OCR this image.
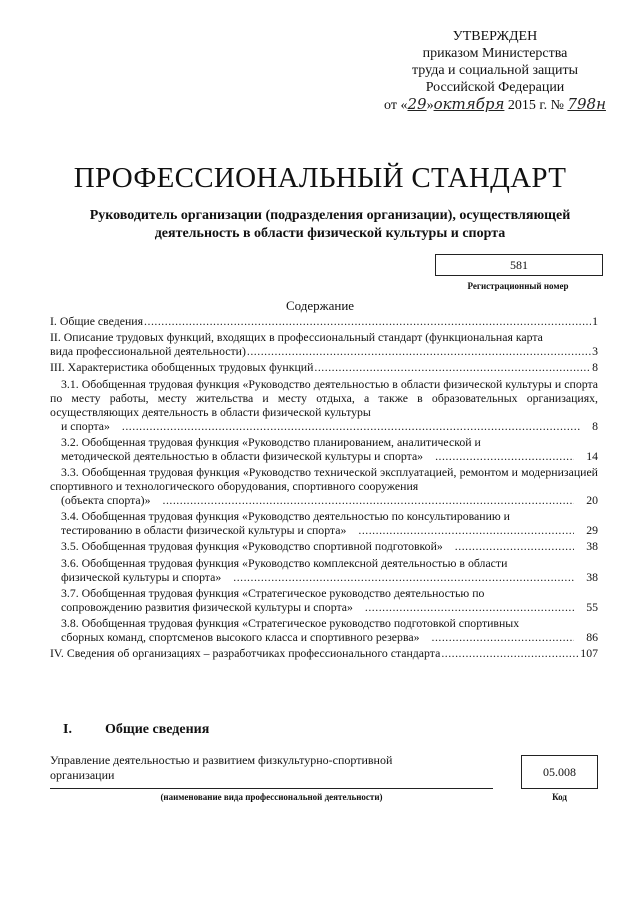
УТВЕРЖДЕН
приказом Министерства
труда и социальной защиты
Российской Федерации
от «29»октября 2015 г. № 798н
ПРОФЕССИОНАЛЬНЫЙ СТАНДАРТ
Руководитель организации (подразделения организации), осуществляющей деятельность в области физической культуры и спорта
581
Регистрационный номер
Содержание
I. Общие сведения .....	1
II. Описание трудовых функций, входящих в профессиональный стандарт (функциональная карта
вида профессиональной деятельности) .....	3
III. Характеристика обобщенных трудовых функций .....	8
3.1. Обобщенная трудовая функция «Руководство деятельностью в области физической культуры и спорта по месту работы, месту жительства и месту отдыха, а также в образовательных организациях, осуществляющих деятельность в области физической культуры
и спорта» .....	8
3.2. Обобщенная трудовая функция «Руководство планированием, аналитической и
методической деятельностью в области физической культуры и спорта» .....	14
3.3. Обобщенная трудовая функция «Руководство технической эксплуатацией, ремонтом и модернизацией спортивного и технологического оборудования, спортивного сооружения
(объекта спорта)» .....	20
3.4. Обобщенная трудовая функция «Руководство деятельностью по консультированию и
тестированию в области физической культуры и спорта» .....	29
3.5. Обобщенная трудовая функция «Руководство спортивной подготовкой» .....	38
3.6. Обобщенная трудовая функция «Руководство комплексной деятельностью в области
физической культуры и спорта» .....	38
3.7. Обобщенная трудовая функция «Стратегическое руководство деятельностью по
сопровождению развития физической культуры и спорта» .....	55
3.8. Обобщенная трудовая функция «Стратегическое руководство подготовкой спортивных
сборных команд, спортсменов высокого класса и спортивного резерва» .....	86
IV. Сведения об организациях – разработчиках профессионального стандарта .....	107
I. Общие сведения
Управление деятельностью и развитием физкультурно-спортивной организации
(наименование вида профессиональной деятельности)
05.008
Код
